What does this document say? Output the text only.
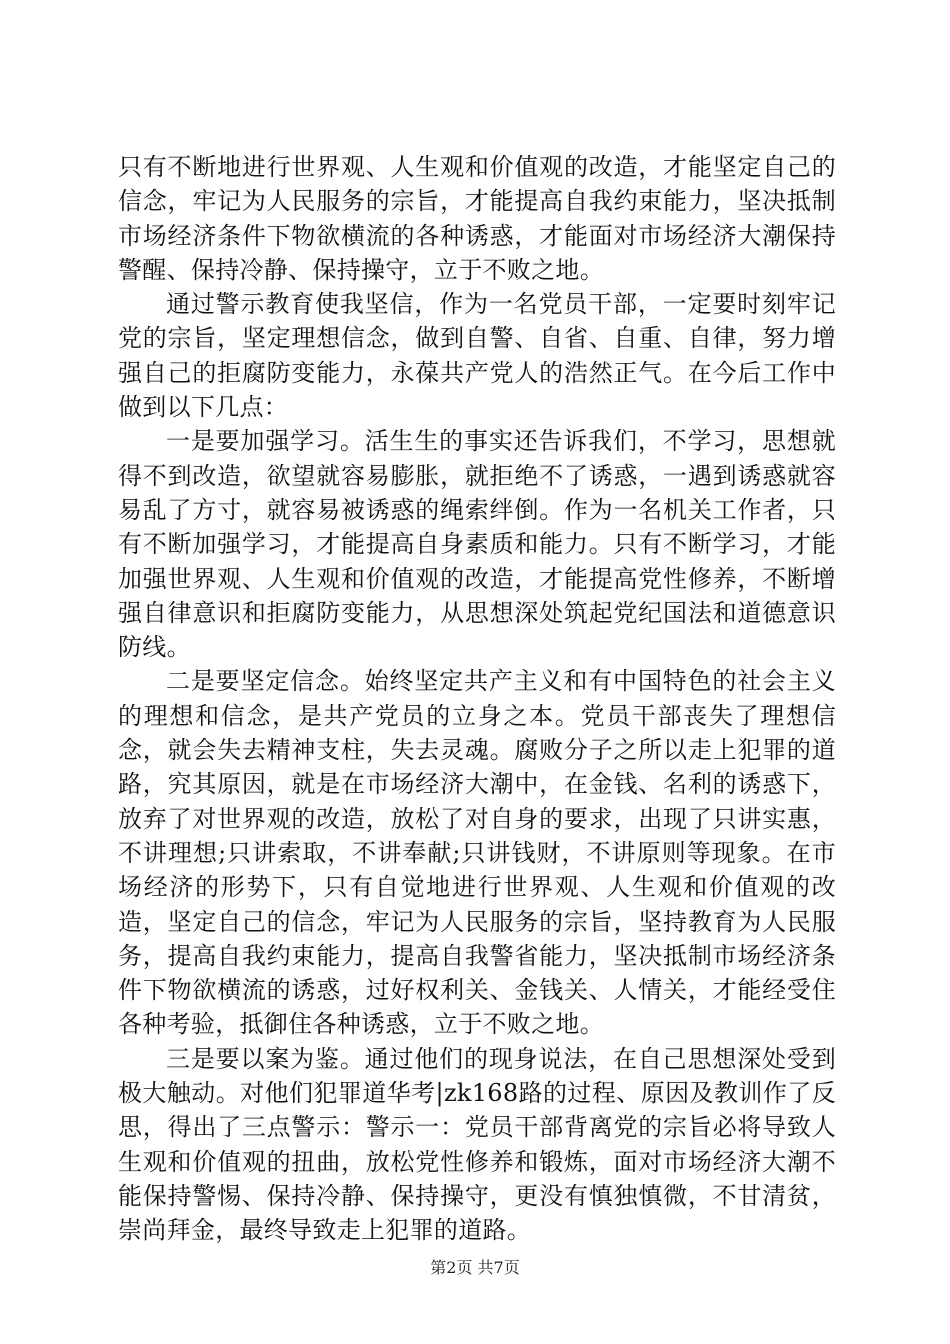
只有不断地进行世界观、人生观和价值观的改造，才能坚定自己的信念，牢记为人民服务的宗旨，才能提高自我约束能力，坚决抵制市场经济条件下物欲横流的各种诱惑，才能面对市场经济大潮保持警醒、保持冷静、保持操守，立于不败之地。

通过警示教育使我坚信，作为一名党员干部，一定要时刻牢记党的宗旨，坚定理想信念，做到自警、自省、自重、自律，努力增强自己的拒腐防变能力，永葆共产党人的浩然正气。在今后工作中做到以下几点：

一是要加强学习。活生生的事实还告诉我们，不学习，思想就得不到改造，欲望就容易膨胀，就拒绝不了诱惑，一遇到诱惑就容易乱了方寸，就容易被诱惑的绳索绊倒。作为一名机关工作者，只有不断加强学习，才能提高自身素质和能力。只有不断学习，才能加强世界观、人生观和价值观的改造，才能提高党性修养，不断增强自律意识和拒腐防变能力，从思想深处筑起党纪国法和道德意识防线。

二是要坚定信念。始终坚定共产主义和有中国特色的社会主义的理想和信念，是共产党员的立身之本。党员干部丧失了理想信念，就会失去精神支柱，失去灵魂。腐败分子之所以走上犯罪的道路，究其原因，就是在市场经济大潮中，在金钱、名利的诱惑下，放弃了对世界观的改造，放松了对自身的要求，出现了只讲实惠，不讲理想;只讲索取，不讲奉献;只讲钱财，不讲原则等现象。在市场经济的形势下，只有自觉地进行世界观、人生观和价值观的改造，坚定自己的信念，牢记为人民服务的宗旨，坚持教育为人民服务，提高自我约束能力，提高自我警省能力，坚决抵制市场经济条件下物欲横流的诱惑，过好权利关、金钱关、人情关，才能经受住各种考验，抵御住各种诱惑，立于不败之地。

三是要以案为鉴。通过他们的现身说法，在自己思想深处受到极大触动。对他们犯罪道华考|zk168路的过程、原因及教训作了反思，得出了三点警示：警示一：党员干部背离党的宗旨必将导致人生观和价值观的扭曲，放松党性修养和锻炼，面对市场经济大潮不能保持警惕、保持冷静、保持操守，更没有慎独慎微，不甘清贫，崇尚拜金，最终导致走上犯罪的道路。

第2页 共7页
